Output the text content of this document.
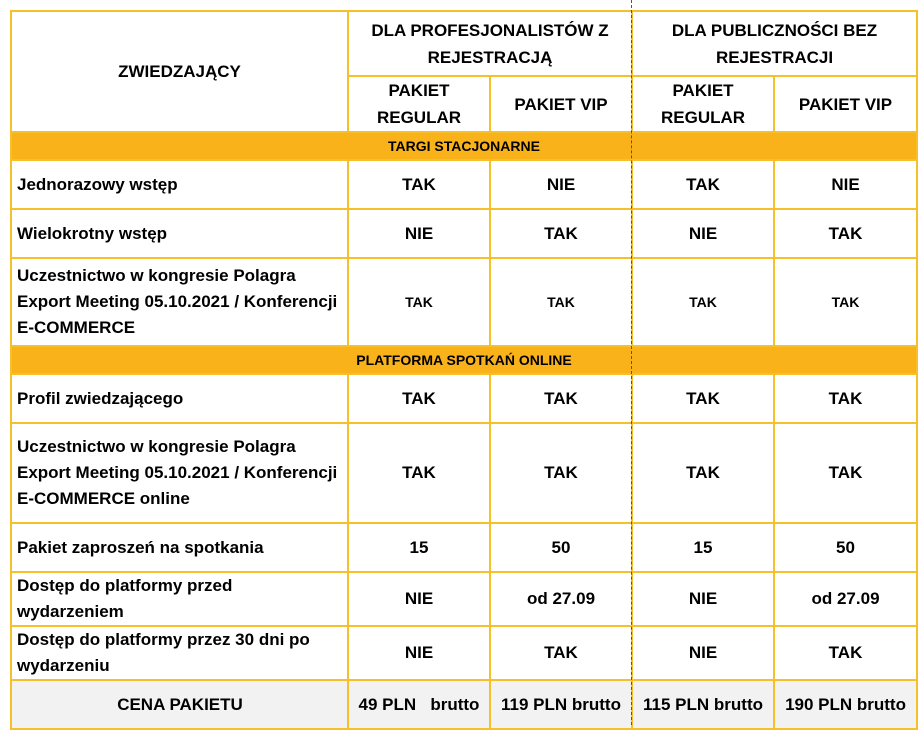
ZWIEDZAJĄCY	DLA PROFESJONALISTÓW Z REJESTRACJĄ		DLA PUBLICZNOŚCI BEZ REJESTRACJI	
	PAKIET REGULAR	PAKIET VIP	PAKIET REGULAR	PAKIET VIP
TARGI STACJONARNE				
Jednorazowy wstęp	TAK	NIE	TAK	NIE
Wielokrotny wstęp	NIE	TAK	NIE	TAK
Uczestnictwo w kongresie Polagra Export Meeting 05.10.2021 / Konferencji E-COMMERCE	TAK	TAK	TAK	TAK
PLATFORMA SPOTKAŃ ONLINE				
Profil zwiedzającego	TAK	TAK	TAK	TAK
Uczestnictwo w kongresie Polagra Export Meeting 05.10.2021 / Konferencji E-COMMERCE online	TAK	TAK	TAK	TAK
Pakiet zaproszeń na spotkania	15	50	15	50
Dostęp do platformy przed wydarzeniem	NIE	od 27.09	NIE	od 27.09
Dostęp do platformy przez 30 dni po wydarzeniu	NIE	TAK	NIE	TAK
CENA PAKIETU	49 PLN   brutto	119 PLN brutto	115 PLN brutto	190 PLN brutto
